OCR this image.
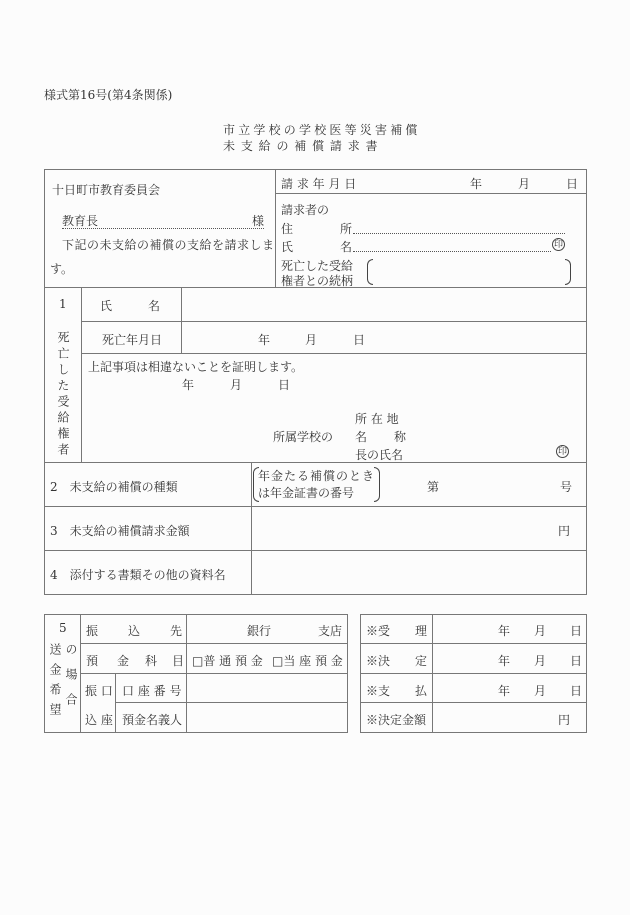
様式第16号(第4条関係)
市立学校の学校医等災害補償
未 支 給 の 補 償 請 求 書
十日町市教育委員会
教育長	様
下記の未支給の補償の支給を請求しま
す。
請 求 年 月 日	年	月	日
請求者の
住	所
氏	名	印
死亡した受給
権者との続柄
1
死亡した受給権者
氏	名
死亡年月日	年	月	日
上記事項は相違ないことを証明します。
年	月	日
所 在 地
所属学校の 名 称
長の氏名	印
2　未支給の補償の種類
年金たる補償のとき
は年金証書の番号	第	号
3　未支給の補償請求金額	円
4　添付する書類その他の資料名
5
送金希望 の場合
振 込 先	銀行	支店
預 金 科 目 □普 通 預 金 □当 座 預 金
振 口
込 座
口 座 番 号
預金名義人
※受 理	年 月 日
※決 定	年 月 日
※支 払	年 月 日
※決定金額	円
